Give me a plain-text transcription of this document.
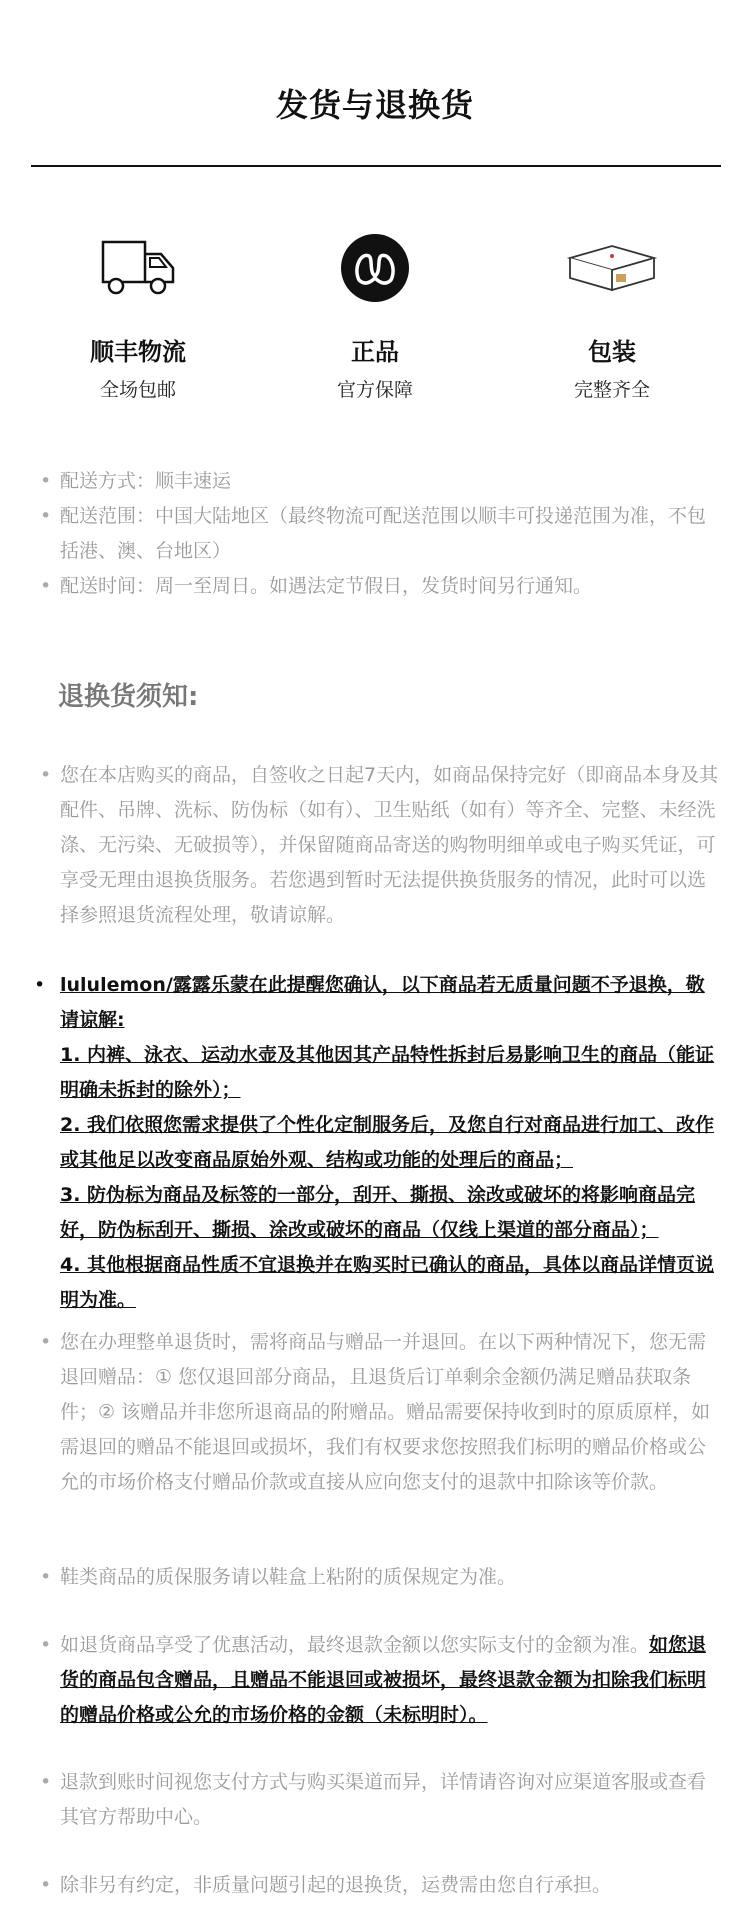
发货与退换货
顺丰物流
全场包邮
正品
官方保障
包装
完整齐全
• 配送方式：顺丰速运
• 配送范围：中国大陆地区（最终物流可配送范围以顺丰可投递范围为准，不包括港、澳、台地区）
• 配送时间：周一至周日。如遇法定节假日，发货时间另行通知。
退换货须知:
• 您在本店购买的商品，自签收之日起7天内，如商品保持完好（即商品本身及其配件、吊牌、洗标、防伪标（如有）、卫生贴纸（如有）等齐全、完整、未经洗涤、无污染、无破损等），并保留随商品寄送的购物明细单或电子购买凭证，可享受无理由退换货服务。若您遇到暂时无法提供换货服务的情况，此时可以选择参照退货流程处理，敬请谅解。
• lululemon/露露乐蒙在此提醒您确认，以下商品若无质量问题不予退换，敬请谅解:
1. 内裤、泳衣、运动水壶及其他因其产品特性拆封后易影响卫生的商品（能证明确未拆封的除外）；
2. 我们依照您需求提供了个性化定制服务后，及您自行对商品进行加工、改作或其他足以改变商品原始外观、结构或功能的处理后的商品；
3. 防伪标为商品及标签的一部分，刮开、撕损、涂改或破坏的将影响商品完好，防伪标刮开、撕损、涂改或破坏的商品（仅线上渠道的部分商品）；
4. 其他根据商品性质不宜退换并在购买时已确认的商品，具体以商品详情页说明为准。
• 您在办理整单退货时，需将商品与赠品一并退回。在以下两种情况下，您无需退回赠品：① 您仅退回部分商品，且退货后订单剩余金额仍满足赠品获取条件；② 该赠品并非您所退商品的附赠品。赠品需要保持收到时的原质原样，如需退回的赠品不能退回或损坏，我们有权要求您按照我们标明的赠品价格或公允的市场价格支付赠品价款或直接从应向您支付的退款中扣除该等价款。
• 鞋类商品的质保服务请以鞋盒上粘附的质保规定为准。
• 如退货商品享受了优惠活动，最终退款金额以您实际支付的金额为准。如您退货的商品包含赠品，且赠品不能退回或被损坏，最终退款金额为扣除我们标明的赠品价格或公允的市场价格的金额（未标明时）。
• 退款到账时间视您支付方式与购买渠道而异，详情请咨询对应渠道客服或查看其官方帮助中心。
• 除非另有约定，非质量问题引起的退换货，运费需由您自行承担。
